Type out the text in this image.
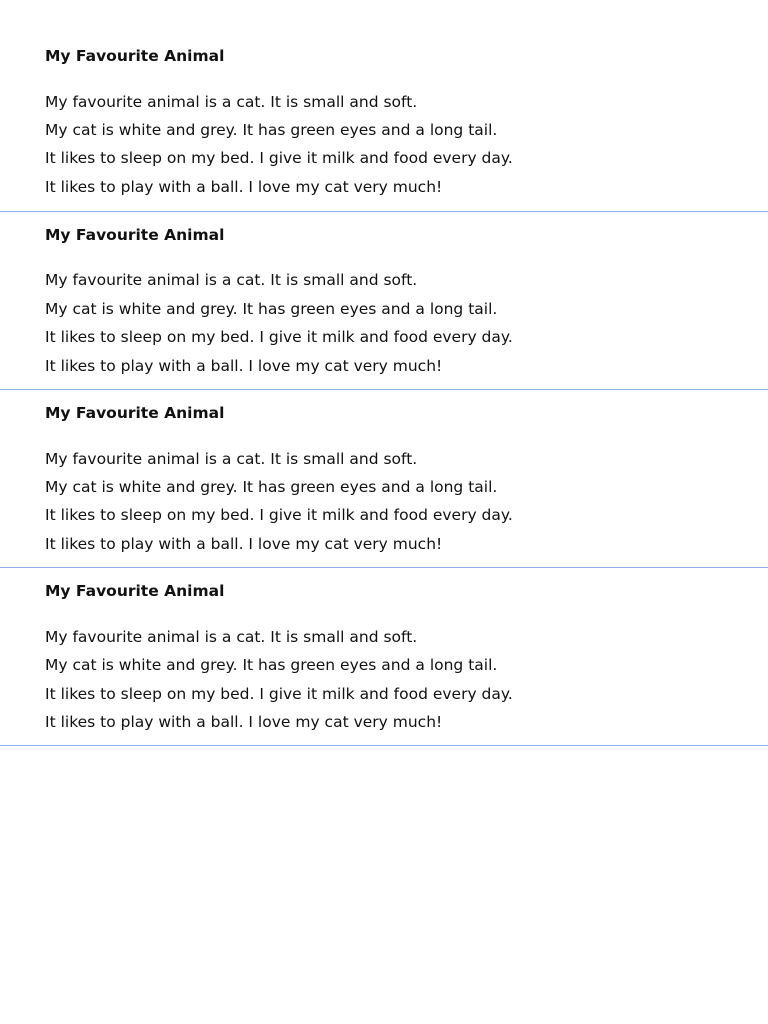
My Favourite Animal
My favourite animal is a cat. It is small and soft.
My cat is white and grey. It has green eyes and a long tail.
It likes to sleep on my bed. I give it milk and food every day.
It likes to play with a ball. I love my cat very much!
My Favourite Animal
My favourite animal is a cat. It is small and soft.
My cat is white and grey. It has green eyes and a long tail.
It likes to sleep on my bed. I give it milk and food every day.
It likes to play with a ball. I love my cat very much!
My Favourite Animal
My favourite animal is a cat. It is small and soft.
My cat is white and grey. It has green eyes and a long tail.
It likes to sleep on my bed. I give it milk and food every day.
It likes to play with a ball. I love my cat very much!
My Favourite Animal
My favourite animal is a cat. It is small and soft.
My cat is white and grey. It has green eyes and a long tail.
It likes to sleep on my bed. I give it milk and food every day.
It likes to play with a ball. I love my cat very much!
